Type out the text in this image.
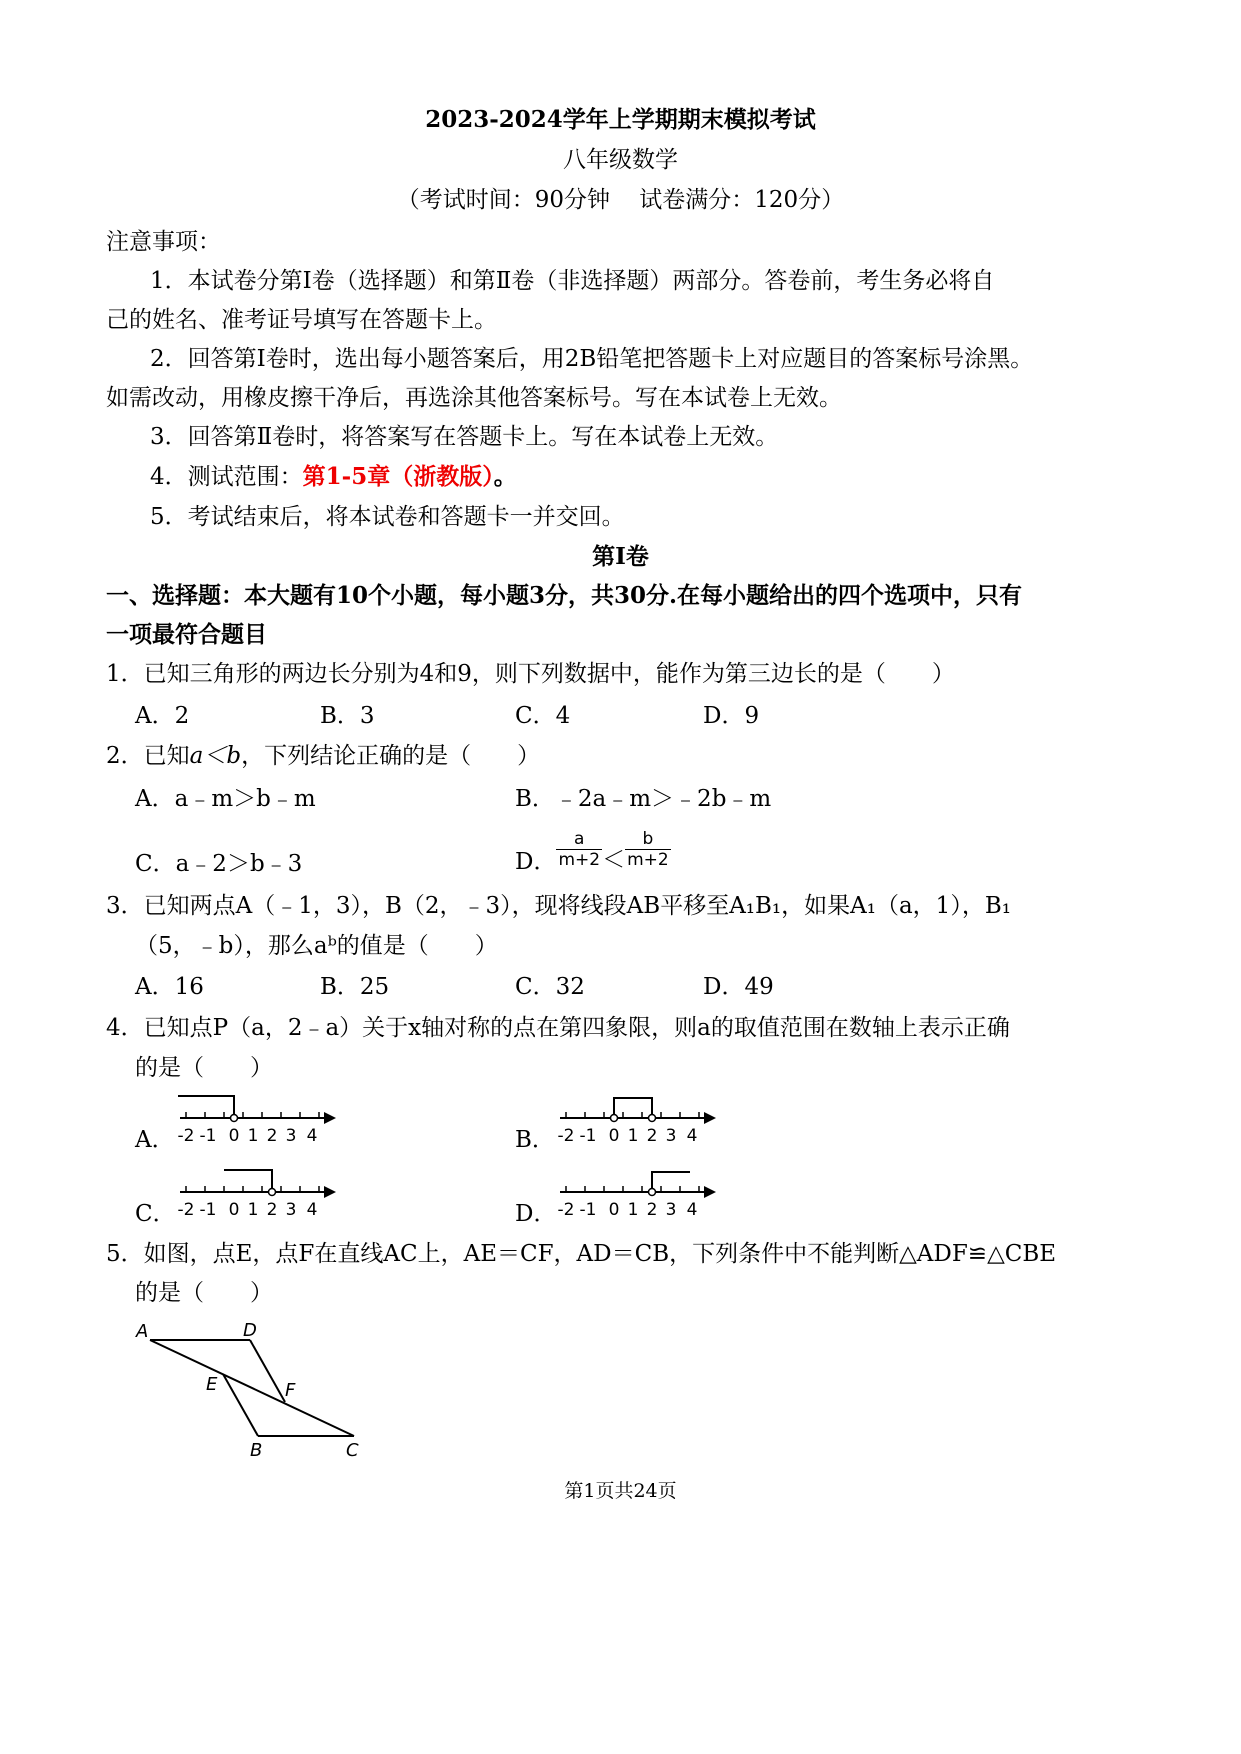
2023-2024学年上学期期末模拟考试
八年级数学
（考试时间：90分钟    试卷满分：120分）
注意事项：
1．本试卷分第Ⅰ卷（选择题）和第Ⅱ卷（非选择题）两部分。答卷前，考生务必将自
己的姓名、准考证号填写在答题卡上。
2．回答第Ⅰ卷时，选出每小题答案后，用2B铅笔把答题卡上对应题目的答案标号涂黑。
如需改动，用橡皮擦干净后，再选涂其他答案标号。写在本试卷上无效。
3．回答第Ⅱ卷时，将答案写在答题卡上。写在本试卷上无效。
4．测试范围：第1-5章（浙教版）。
5．考试结束后，将本试卷和答题卡一并交回。
第Ⅰ卷
一、选择题：本大题有10个小题，每小题3分，共30分.在每小题给出的四个选项中，只有
一项最符合题目
1．已知三角形的两边长分别为4和9，则下列数据中，能作为第三边长的是（　　）
A．2	B．3	C．4	D．9
2．已知a＜b，下列结论正确的是（　　）
A．a﹣m＞b﹣m	B．﹣2a﹣m＞﹣2b﹣m
C．a﹣2＞b﹣3	D． $\frac{a}{m+2} < \frac{b}{m+2}$
3．已知两点A（﹣1，3），B（2，﹣3），现将线段AB平移至A₁B₁，如果A₁（a，1），B₁
（5，﹣b），那么aᵇ的值是（　　）
A．16	B．25	C．32	D．49
4．已知点P（a，2﹣a）关于x轴对称的点在第四象限，则a的取值范围在数轴上表示正确
的是（　　）
A． -2 -1 0 1 2 3 4	B． -2 -1 0 1 2 3 4
C． -2 -1 0 1 2 3 4	D． -2 -1 0 1 2 3 4
5．如图，点E，点F在直线AC上，AE＝CF，AD＝CB，下列条件中不能判断△ADF≌△CBE
的是（　　）
A	D
E	F
B	C
第1页共24页
